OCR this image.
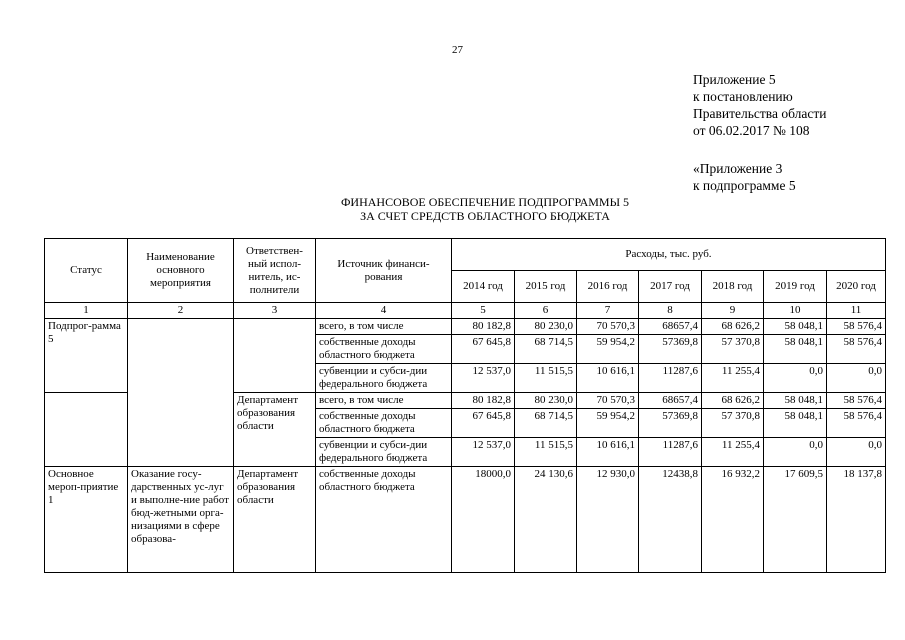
27
Приложение 5
к постановлению
Правительства области
от 06.02.2017 № 108
«Приложение 3
к подпрограмме 5
ФИНАНСОВОЕ ОБЕСПЕЧЕНИЕ ПОДПРОГРАММЫ 5
ЗА СЧЕТ СРЕДСТВ ОБЛАСТНОГО БЮДЖЕТА
Статус	Наименование основного мероприятия	Ответствен-ный испол-нитель, ис-полнители	Источник финанси-рования	Расходы, тыс. руб.						
				2014 год	2015 год	2016 год	2017 год	2018 год	2019 год	2020 год
1	2	3	4	5	6	7	8	9	10	11
Подпрог-рамма 5			всего, в том числе	80 182,8	80 230,0	70 570,3	68657,4	68 626,2	58 048,1	58 576,4
			собственные доходы областного бюджета	67 645,8	68 714,5	59 954,2	57369,8	57 370,8	58 048,1	58 576,4
			субвенции и субси-дии федерального бюджета	12 537,0	11 515,5	10 616,1	11287,6	11 255,4	0,0	0,0
		Департамент образования области	всего, в том числе	80 182,8	80 230,0	70 570,3	68657,4	68 626,2	58 048,1	58 576,4
			собственные доходы областного бюджета	67 645,8	68 714,5	59 954,2	57369,8	57 370,8	58 048,1	58 576,4
			субвенции и субси-дии федерального бюджета	12 537,0	11 515,5	10 616,1	11287,6	11 255,4	0,0	0,0
Основное мероп-приятие 1	Оказание госу-дарственных ус-луг и выполне-ние работ бюд-жетными орга-низациями в сфере образова-	Департамент образования области	собственные доходы областного бюджета	18000,0	24 130,6	12 930,0	12438,8	16 932,2	17 609,5	18 137,8
